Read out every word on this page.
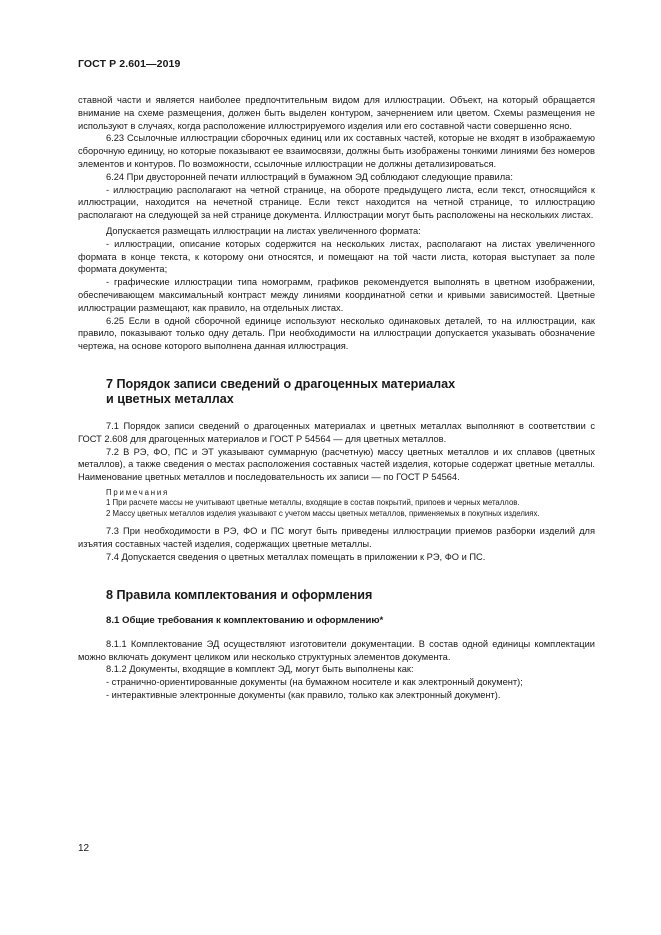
ГОСТ Р 2.601—2019

ставной части и является наиболее предпочтительным видом для иллюстрации. Объект, на который обращается внимание на схеме размещения, должен быть выделен контуром, зачернением или цветом. Схемы размещения не используют в случаях, когда расположение иллюстрируемого изделия или его составной части совершенно ясно.

6.23 Ссылочные иллюстрации сборочных единиц или их составных частей, которые не входят в изображаемую сборочную единицу, но которые показывают ее взаимосвязи, должны быть изображены тонкими линиями без номеров элементов и контуров. По возможности, ссылочные иллюстрации не должны детализироваться.

6.24 При двусторонней печати иллюстраций в бумажном ЭД соблюдают следующие правила:

- иллюстрацию располагают на четной странице, на обороте предыдущего листа, если текст, относящийся к иллюстрации, находится на нечетной странице. Если текст находится на четной странице, то иллюстрацию располагают на следующей за ней странице документа. Иллюстрации могут быть расположены на нескольких листах.

Допускается размещать иллюстрации на листах увеличенного формата:

- иллюстрации, описание которых содержится на нескольких листах, располагают на листах увеличенного формата в конце текста, к которому они относятся, и помещают на той части листа, которая выступает за поле формата документа;

- графические иллюстрации типа номограмм, графиков рекомендуется выполнять в цветном изображении, обеспечивающем максимальный контраст между линиями координатной сетки и кривыми зависимостей. Цветные иллюстрации размещают, как правило, на отдельных листах.

6.25 Если в одной сборочной единице используют несколько одинаковых деталей, то на иллюстрации, как правило, показывают только одну деталь. При необходимости на иллюстрации допускается указывать обозначение чертежа, на основе которого выполнена данная иллюстрация.

7 Порядок записи сведений о драгоценных материалах
и цветных металлах

7.1 Порядок записи сведений о драгоценных материалах и цветных металлах выполняют в соответствии с ГОСТ 2.608 для драгоценных материалов и ГОСТ Р 54564 — для цветных металлов.

7.2 В РЭ, ФО, ПС и ЭТ указывают суммарную (расчетную) массу цветных металлов и их сплавов (цветных металлов), а также сведения о местах расположения составных частей изделия, которые содержат цветные металлы. Наименование цветных металлов и последовательность их записи — по ГОСТ Р 54564.

Примечания

1 При расчете массы не учитывают цветные металлы, входящие в состав покрытий, припоев и черных металлов.

2 Массу цветных металлов изделия указывают с учетом массы цветных металлов, применяемых в покупных изделиях.

7.3 При необходимости в РЭ, ФО и ПС могут быть приведены иллюстрации приемов разборки изделий для изъятия составных частей изделия, содержащих цветные металлы.

7.4 Допускается сведения о цветных металлах помещать в приложении к РЭ, ФО и ПС.

8 Правила комплектования и оформления
8.1 Общие требования к комплектованию и оформлению*

8.1.1 Комплектование ЭД осуществляют изготовители документации. В состав одной единицы комплектации можно включать документ целиком или несколько структурных элементов документа.

8.1.2 Документы, входящие в комплект ЭД, могут быть выполнены как:

- странично-ориентированные документы (на бумажном носителе и как электронный документ);

- интерактивные электронные документы (как правило, только как электронный документ).

12
